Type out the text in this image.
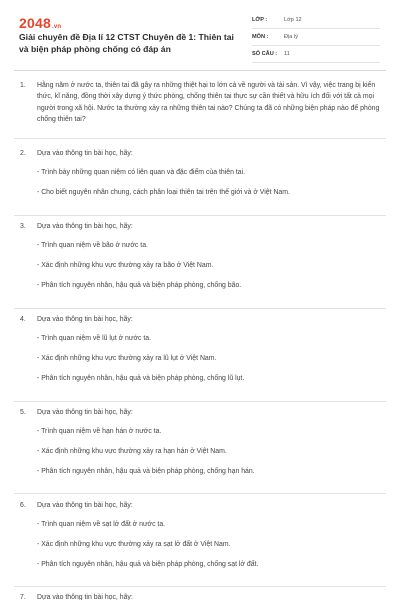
2048.vn
Giải chuyên đề Địa lí 12 CTST Chuyên đề 1: Thiên tai và biện pháp phòng chống có đáp án
LỚP :	Lớp 12
MÔN :	Địa lý
SỐ CÂU :	11
1. Hằng năm ở nước ta, thiên tai đã gây ra những thiệt hại to lớn cả về người và tài sản. Vì vậy, việc trang bị kiến thức, kĩ năng, đồng thời xây dựng ý thức phòng, chống thiên tai thực sự cần thiết và hữu ích đối với tất cả mọi người trong xã hội. Nước ta thường xảy ra những thiên tai nào? Chúng ta đã có những biện pháp nào để phòng chống thiên tai?
2. Dựa vào thông tin bài học, hãy:
- Trình bày những quan niệm có liên quan và đặc điểm của thiên tai.
- Cho biết nguyên nhân chung, cách phân loại thiên tai trên thế giới và ở Việt Nam.
3. Dựa vào thông tin bài học, hãy:
- Trình quan niệm về bão ở nước ta.
- Xác định những khu vực thường xảy ra bão ở Việt Nam.
- Phân tích nguyên nhân, hậu quả và biện pháp phòng, chống bão.
4. Dựa vào thông tin bài học, hãy:
- Trình quan niệm về lũ lụt ở nước ta.
- Xác định những khu vực thường xảy ra lũ lụt ở Việt Nam.
- Phân tích nguyên nhân, hậu quả và biện pháp phòng, chống lũ lụt.
5. Dựa vào thông tin bài học, hãy:
- Trình quan niệm về hạn hán ở nước ta.
- Xác định những khu vực thường xảy ra hạn hán ở Việt Nam.
- Phân tích nguyên nhân, hậu quả và biện pháp phòng, chống hạn hán.
6. Dựa vào thông tin bài học, hãy:
- Trình quan niệm về sạt lở đất ở nước ta.
- Xác định những khu vực thường xảy ra sạt lở đất ở Việt Nam.
- Phân tích nguyên nhân, hậu quả và biện pháp phòng, chống sạt lở đất.
7. Dựa vào thông tin bài học, hãy:
